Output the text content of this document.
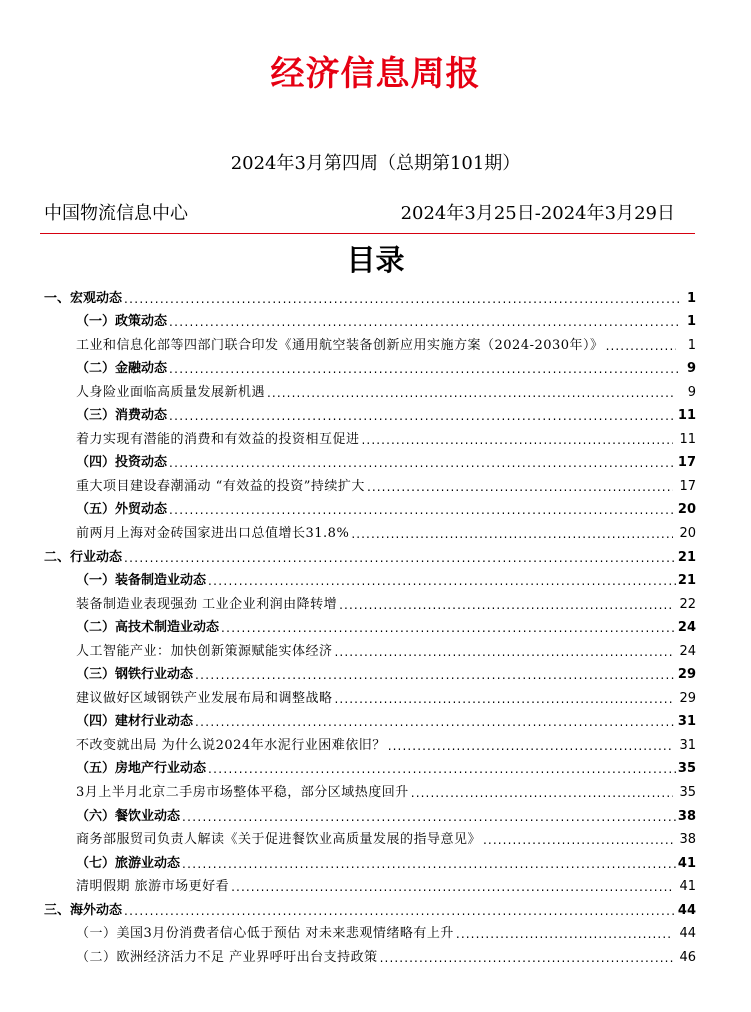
经济信息周报
2024年3月第四周（总期第101期）
中国物流信息中心	2024年3月25日-2024年3月29日
目录
一、宏观动态 .....	1
（一）政策动态 .....	1
工业和信息化部等四部门联合印发《通用航空装备创新应用实施方案（2024-2030年）》 .....	1
（二）金融动态 .....	9
人身险业面临高质量发展新机遇 .....	9
（三）消费动态 .....	11
着力实现有潜能的消费和有效益的投资相互促进 .....	11
（四）投资动态 .....	17
重大项目建设春潮涌动 “有效益的投资”持续扩大 .....	17
（五）外贸动态 .....	20
前两月上海对金砖国家进出口总值增长31.8% .....	20
二、行业动态 .....	21
（一）装备制造业动态 .....	21
装备制造业表现强劲 工业企业利润由降转增 .....	22
（二）高技术制造业动态 .....	24
人工智能产业：加快创新策源赋能实体经济 .....	24
（三）钢铁行业动态 .....	29
建议做好区域钢铁产业发展布局和调整战略 .....	29
（四）建材行业动态 .....	31
不改变就出局 为什么说2024年水泥行业困难依旧？ .....	31
（五）房地产行业动态 .....	35
3月上半月北京二手房市场整体平稳，部分区域热度回升 .....	35
（六）餐饮业动态 .....	38
商务部服贸司负责人解读《关于促进餐饮业高质量发展的指导意见》 .....	38
（七）旅游业动态 .....	41
清明假期 旅游市场更好看 .....	41
三、海外动态 .....	44
（一）美国3月份消费者信心低于预估 对未来悲观情绪略有上升 .....	44
（二）欧洲经济活力不足 产业界呼吁出台支持政策 .....	46
